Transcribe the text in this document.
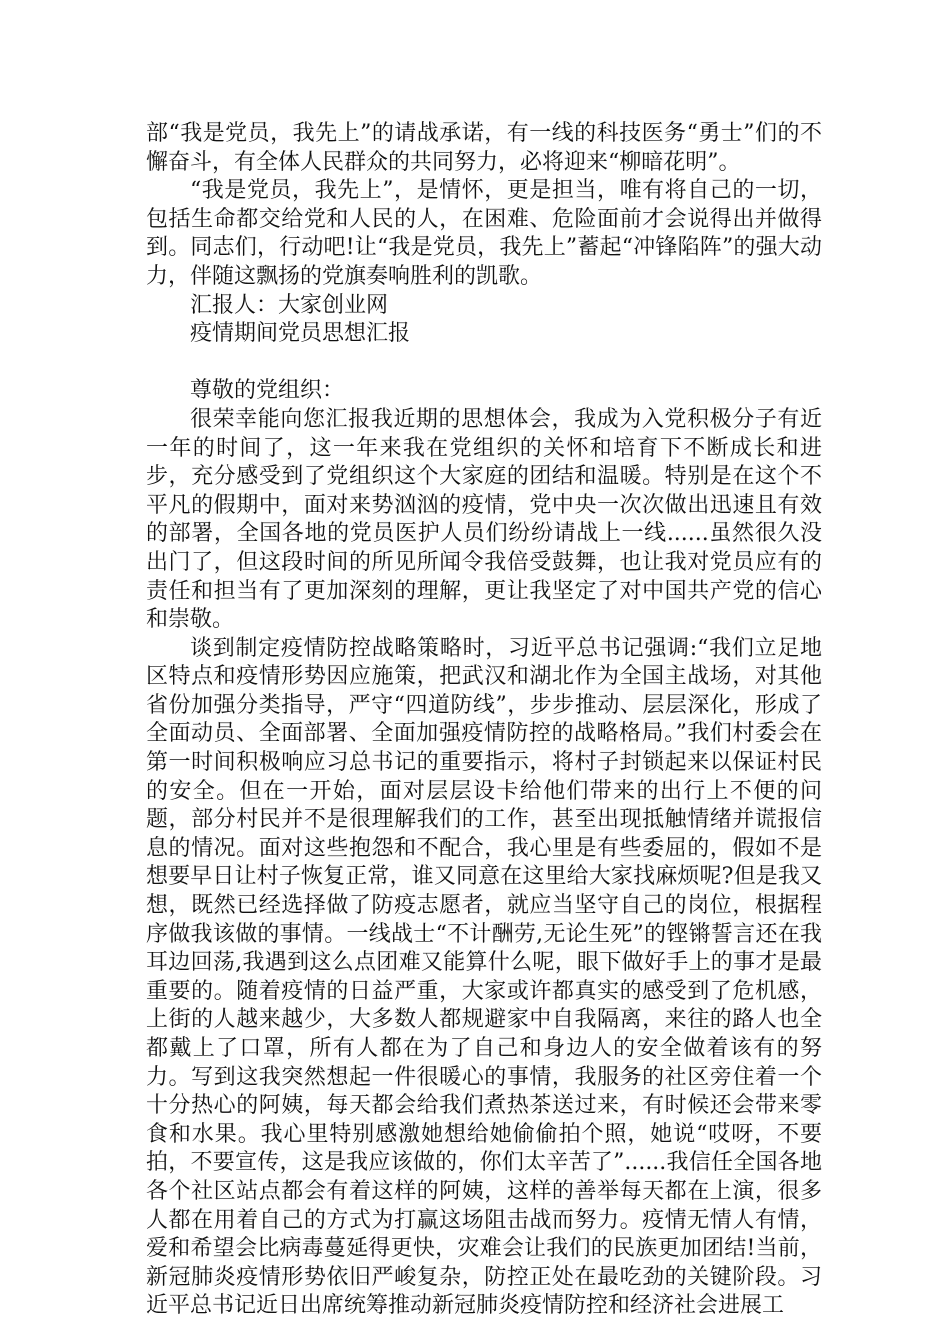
部“我是党员，我先上”的请战承诺，有一线的科技医务“勇士”们的不懈奋斗，有全体人民群众的共同努力，必将迎来“柳暗花明”。

“我是党员，我先上”，是情怀，更是担当，唯有将自己的一切，包括生命都交给党和人民的人，在困难、危险面前才会说得出并做得到。同志们，行动吧!让“我是党员，我先上”蓄起“冲锋陷阵”的强大动力，伴随这飘扬的党旗奏响胜利的凯歌。

汇报人：大家创业网

疫情期间党员思想汇报

尊敬的党组织：

很荣幸能向您汇报我近期的思想体会，我成为入党积极分子有近一年的时间了，这一年来我在党组织的关怀和培育下不断成长和进步，充分感受到了党组织这个大家庭的团结和温暖。特别是在这个不平凡的假期中，面对来势汹汹的疫情，党中央一次次做出迅速且有效的部署，全国各地的党员医护人员们纷纷请战上一线......虽然很久没出门了，但这段时间的所见所闻令我倍受鼓舞，也让我对党员应有的责任和担当有了更加深刻的理解，更让我坚定了对中国共产党的信心和崇敬。

谈到制定疫情防控战略策略时，习近平总书记强调:“我们立足地区特点和疫情形势因应施策，把武汉和湖北作为全国主战场，对其他省份加强分类指导，严守“四道防线”，步步推动、层层深化，形成了全面动员、全面部署、全面加强疫情防控的战略格局。”我们村委会在第一时间积极响应习总书记的重要指示，将村子封锁起来以保证村民的安全。但在一开始，面对层层设卡给他们带来的出行上不便的问题，部分村民并不是很理解我们的工作，甚至出现抵触情绪并谎报信息的情况。面对这些抱怨和不配合，我心里是有些委屈的，假如不是想要早日让村子恢复正常，谁又同意在这里给大家找麻烦呢?但是我又想，既然已经选择做了防疫志愿者，就应当坚守自己的岗位，根据程序做我该做的事情。一线战士“不计酬劳,无论生死”的铿锵誓言还在我耳边回荡,我遇到这么点团难又能算什么呢，眼下做好手上的事才是最重要的。随着疫情的日益严重，大家或许都真实的感受到了危机感，上街的人越来越少，大多数人都规避家中自我隔离，来往的路人也全都戴上了口罩，所有人都在为了自己和身边人的安全做着该有的努力。写到这我突然想起一件很暖心的事情，我服务的社区旁住着一个十分热心的阿姨，每天都会给我们煮热茶送过来，有时候还会带来零食和水果。我心里特别感激她想给她偷偷拍个照，她说“哎呀，不要拍，不要宣传，这是我应该做的，你们太辛苦了”......我信任全国各地各个社区站点都会有着这样的阿姨，这样的善举每天都在上演，很多人都在用着自己的方式为打赢这场阻击战而努力。疫情无情人有情，爱和希望会比病毒蔓延得更快，灾难会让我们的民族更加团结!当前，新冠肺炎疫情形势依旧严峻复杂，防控正处在最吃劲的关键阶段。习近平总书记近日出席统筹推动新冠肺炎疫情防控和经济社会进展工
